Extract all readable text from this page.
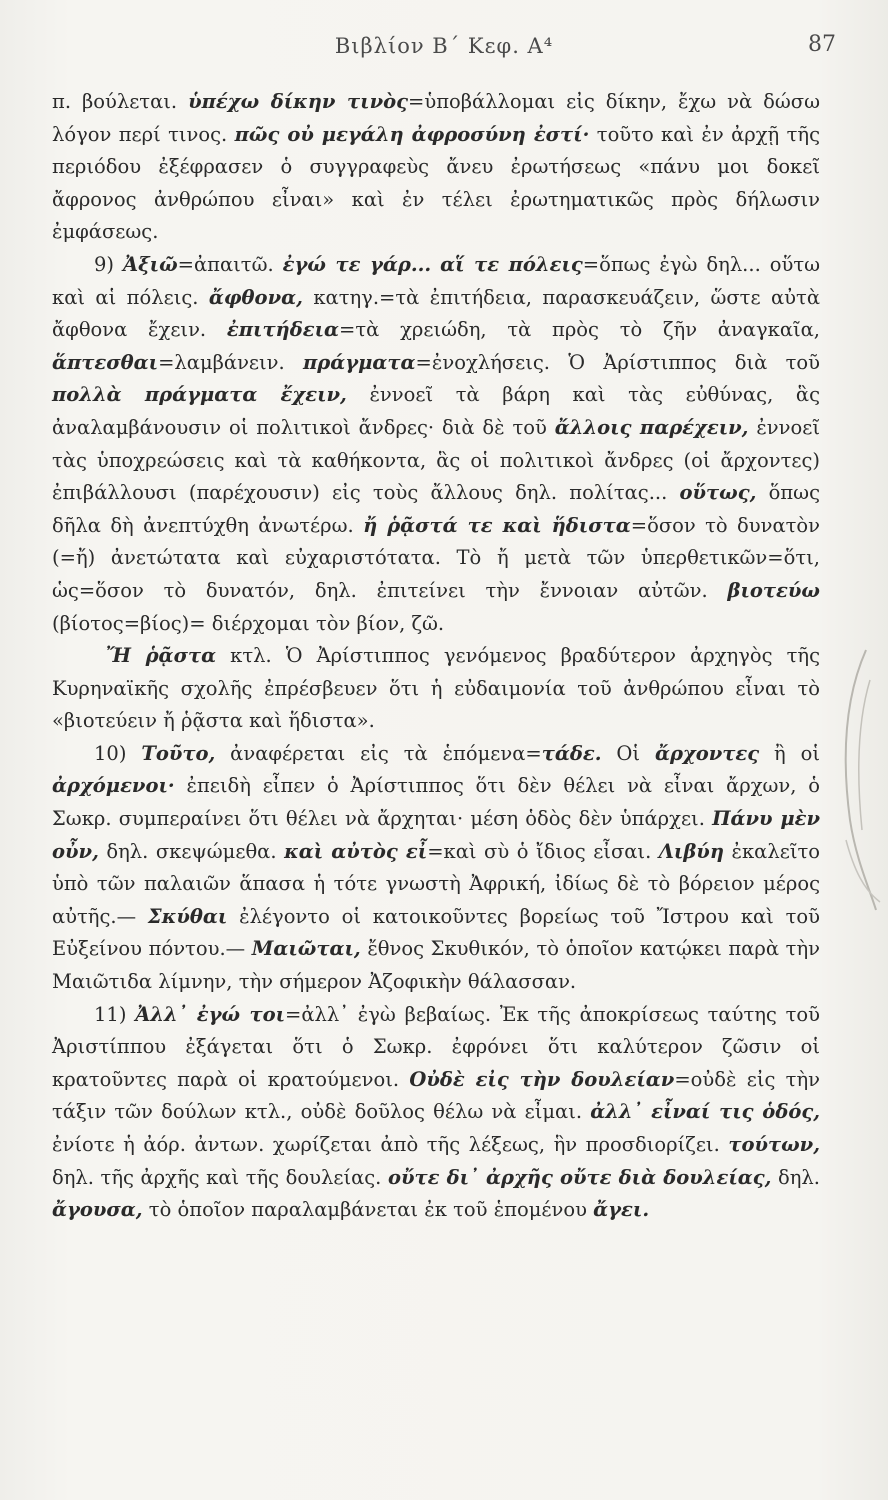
Βιβλίον Β΄ Κεφ. Α⁴	87

π. βούλεται. ὑπέχω δίκην τινὸς=ὑποβάλλομαι εἰς δίκην, ἔχω νὰ δώσω λόγον περί τινος. πῶς οὐ μεγάλη ἀφροσύνη ἐστί· τοῦτο καὶ ἐν ἀρχῇ τῆς περιόδου ἐξέφρασεν ὁ συγγραφεὺς ἄνευ ἐρωτήσεως «πάνυ μοι δοκεῖ ἄφρονος ἀνθρώπου εἶναι» καὶ ἐν τέλει ἐρωτηματικῶς πρὸς δήλωσιν ἐμφάσεως.

9) Ἀξιῶ=ἀπαιτῶ. ἐγώ τε γάρ... αἵ τε πόλεις=ὅπως ἐγὼ δηλ... οὕτω καὶ αἱ πόλεις. ἄφθονα, κατηγ.=τὰ ἐπιτήδεια, παρασκευάζειν, ὥστε αὐτὰ ἄφθονα ἔχειν. ἐπιτήδεια=τὰ χρειώδη, τὰ πρὸς τὸ ζῆν ἀναγκαῖα, ἅπτεσθαι=λαμβάνειν. πράγματα=ἐνοχλήσεις. Ὁ Ἀρίστιππος διὰ τοῦ πολλὰ πράγματα ἔχειν, ἐννοεῖ τὰ βάρη καὶ τὰς εὐθύνας, ἃς ἀναλαμβάνουσιν οἱ πολιτικοὶ ἄνδρες· διὰ δὲ τοῦ ἄλλοις παρέχειν, ἐννοεῖ τὰς ὑποχρεώσεις καὶ τὰ καθήκοντα, ἃς οἱ πολιτικοὶ ἄνδρες (οἱ ἄρχοντες) ἐπιβάλλουσι (παρέχουσιν) εἰς τοὺς ἄλλους δηλ. πολίτας... οὕτως, ὅπως δῆλα δὴ ἀνεπτύχθη ἀνωτέρω. ἤ ῥᾷστά τε καὶ ἥδιστα=ὅσον τὸ δυνατὸν (=ἤ) ἀνετώτατα καὶ εὐχαριστότατα. Τὸ ἤ μετὰ τῶν ὑπερθετικῶν=ὅτι, ὡς=ὅσον τὸ δυνατόν, δηλ. ἐπιτείνει τὴν ἔννοιαν αὐτῶν. βιοτεύω (βίοτος=βίος)= διέρχομαι τὸν βίον, ζῶ.

Ἤ ῥᾷστα κτλ. Ὁ Ἀρίστιππος γενόμενος βραδύτερον ἀρχηγὸς τῆς Κυρηναϊκῆς σχολῆς ἐπρέσβευεν ὅτι ἡ εὐδαιμονία τοῦ ἀνθρώπου εἶναι τὸ «βιοτεύειν ἤ ῥᾷστα καὶ ἥδιστα».

10) Τοῦτο, ἀναφέρεται εἰς τὰ ἑπόμενα=τάδε. Οἱ ἄρχοντες ἢ οἱ ἀρχόμενοι· ἐπειδὴ εἶπεν ὁ Ἀρίστιππος ὅτι δὲν θέλει νὰ εἶναι ἄρχων, ὁ Σωκρ. συμπεραίνει ὅτι θέλει νὰ ἄρχηται· μέση ὁδὸς δὲν ὑπάρχει. Πάνυ μὲν οὖν, δηλ. σκεψώμεθα. καὶ αὐτὸς εἶ=καὶ σὺ ὁ ἴδιος εἶσαι. Λιβύη ἐκαλεῖτο ὑπὸ τῶν παλαιῶν ἅπασα ἡ τότε γνωστὴ Ἀφρική, ἰδίως δὲ τὸ βόρειον μέρος αὐτῆς.— Σκύθαι ἐλέγοντο οἱ κατοικοῦντες βορείως τοῦ Ἴστρου καὶ τοῦ Εὐξείνου πόντου.— Μαιῶται, ἔθνος Σκυθικόν, τὸ ὁποῖον κατῴκει παρὰ τὴν Μαιῶτιδα λίμνην, τὴν σήμερον Ἀζοφικὴν θάλασσαν.

11) Ἀλλ᾽ ἐγώ τοι=ἀλλ᾽ ἐγὼ βεβαίως. Ἐκ τῆς ἀποκρίσεως ταύτης τοῦ Ἀριστίππου ἐξάγεται ὅτι ὁ Σωκρ. ἐφρόνει ὅτι καλύτερον ζῶσιν οἱ κρατοῦντες παρὰ οἱ κρατούμενοι. Οὐδὲ εἰς τὴν δουλείαν=οὐδὲ εἰς τὴν τάξιν τῶν δούλων κτλ., οὐδὲ δοῦλος θέλω νὰ εἶμαι. ἀλλ᾽ εἶναί τις ὁδός, ἐνίοτε ἡ ἀόρ. ἀντων. χωρίζεται ἀπὸ τῆς λέξεως, ἣν προσδιορίζει. τούτων, δηλ. τῆς ἀρχῆς καὶ τῆς δουλείας. οὔτε δι᾽ ἀρχῆς οὔτε διὰ δουλείας, δηλ. ἄγουσα, τὸ ὁποῖον παραλαμβάνεται ἐκ τοῦ ἑπομένου ἄγει.
